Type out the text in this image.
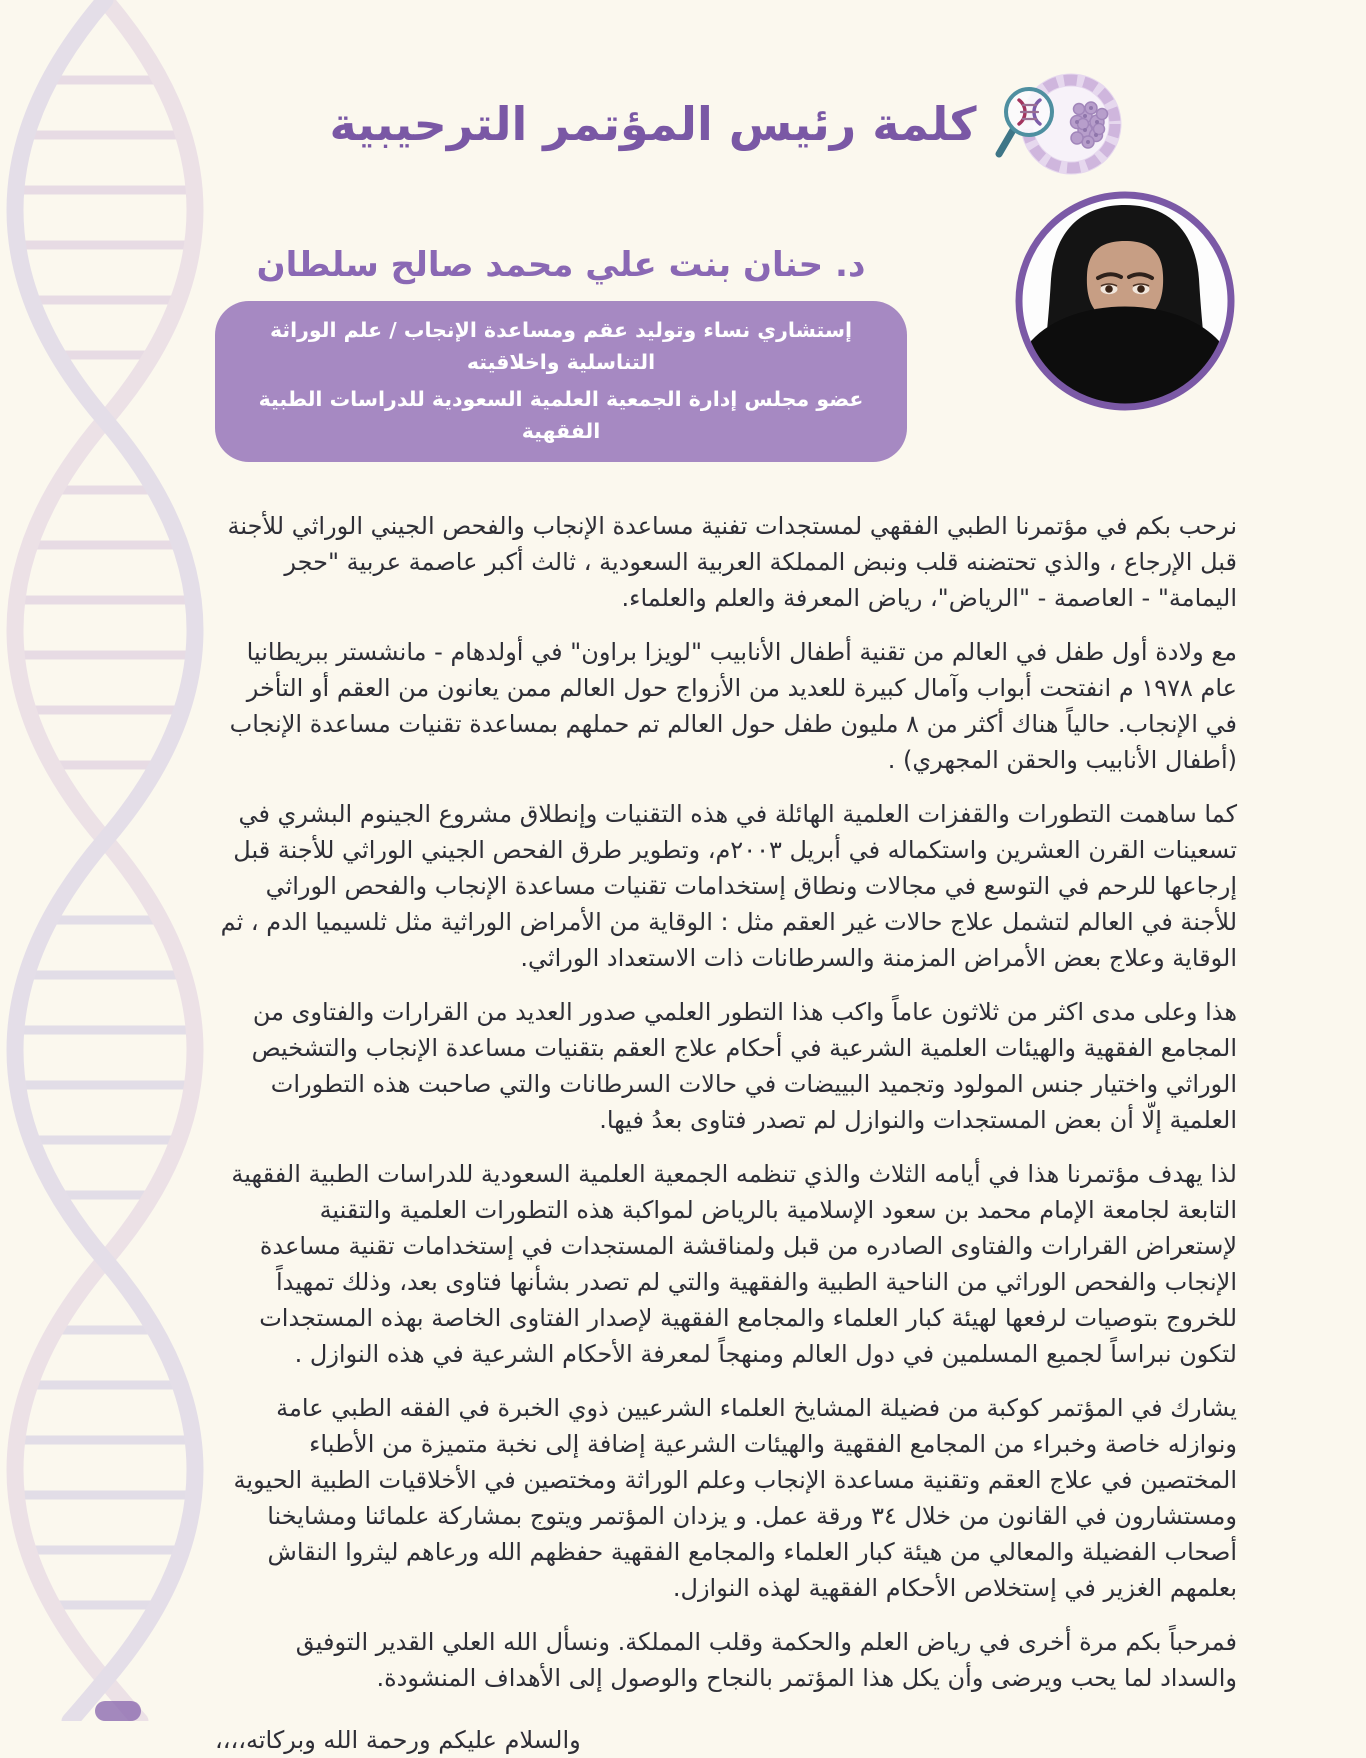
كلمة رئيس المؤتمر الترحيبية
د. حنان بنت علي محمد صالح سلطان
إستشاري نساء وتوليد عقم ومساعدة الإنجاب / علم الوراثة التناسلية واخلاقيته
عضو مجلس إدارة الجمعية العلمية السعودية للدراسات الطبية الفقهية

نرحب بكم في مؤتمرنا الطبي الفقهي لمستجدات تفنية مساعدة الإنجاب والفحص الجيني الوراثي للأجنة قبل الإرجاع ، والذي تحتضنه قلب ونبض المملكة العربية السعودية ، ثالث أكبر عاصمة عربية "حجر اليمامة" - العاصمة - "الرياض"، رياض المعرفة والعلم والعلماء.

مع ولادة أول طفل في العالم من تقنية أطفال الأنابيب "لويزا براون" في أولدهام - مانشستر ببريطانيا عام ١٩٧٨ م انفتحت أبواب وآمال كبيرة للعديد من الأزواج حول العالم ممن يعانون من العقم أو التأخر في الإنجاب. حالياً هناك أكثر من ٨ مليون طفل حول العالم تم حملهم بمساعدة تقنيات مساعدة الإنجاب (أطفال الأنابيب والحقن المجهري) .

كما ساهمت التطورات والقفزات العلمية الهائلة في هذه التقنيات وإنطلاق مشروع الجينوم البشري في تسعينات القرن العشرين واستكماله في أبريل ٢٠٠٣م، وتطوير طرق الفحص الجيني الوراثي للأجنة قبل إرجاعها للرحم في التوسع في مجالات ونطاق إستخدامات تقنيات مساعدة الإنجاب والفحص الوراثي للأجنة في العالم لتشمل علاج حالات غير العقم مثل : الوقاية من الأمراض الوراثية مثل ثلسيميا الدم ، ثم الوقاية وعلاج بعض الأمراض المزمنة والسرطانات ذات الاستعداد الوراثي.

هذا وعلى مدى اكثر من ثلاثون عاماً واكب هذا التطور العلمي صدور العديد من القرارات والفتاوى من المجامع الفقهية والهيئات العلمية الشرعية في أحكام علاج العقم بتقنيات مساعدة الإنجاب والتشخيص الوراثي واختيار جنس المولود وتجميد البييضات في حالات السرطانات والتي صاحبت هذه التطورات العلمية إلّا أن بعض المستجدات والنوازل لم تصدر فتاوى بعدُ فيها.

لذا يهدف مؤتمرنا هذا في أيامه الثلاث والذي تنظمه الجمعية العلمية السعودية للدراسات الطبية الفقهية التابعة لجامعة الإمام محمد بن سعود الإسلامية بالرياض لمواكبة هذه التطورات العلمية والتقنية لإستعراض القرارات والفتاوى الصادره من قبل ولمناقشة المستجدات في إستخدامات تقنية مساعدة الإنجاب والفحص الوراثي من الناحية الطبية والفقهية والتي لم تصدر بشأنها فتاوى بعد، وذلك تمهيداً للخروج بتوصيات لرفعها لهيئة كبار العلماء والمجامع الفقهية لإصدار الفتاوى الخاصة بهذه المستجدات لتكون نبراساً لجميع المسلمين في دول العالم ومنهجاً لمعرفة الأحكام الشرعية في هذه النوازل .

يشارك في المؤتمر كوكبة من فضيلة المشايخ العلماء الشرعيين ذوي الخبرة في الفقه الطبي عامة ونوازله خاصة وخبراء من المجامع الفقهية والهيئات الشرعية إضافة إلى نخبة متميزة من الأطباء المختصين في علاج العقم وتقنية مساعدة الإنجاب وعلم الوراثة ومختصين في الأخلاقيات الطبية الحيوية ومستشارون في القانون من خلال ٣٤ ورقة عمل. و يزدان المؤتمر ويتوج بمشاركة علمائنا ومشايخنا أصحاب الفضيلة والمعالي من هيئة كبار العلماء والمجامع الفقهية حفظهم الله ورعاهم ليثروا النقاش بعلمهم الغزير في إستخلاص الأحكام الفقهية لهذه النوازل.

فمرحباً بكم مرة أخرى في رياض العلم والحكمة وقلب المملكة. ونسأل الله العلي القدير التوفيق والسداد لما يحب ويرضى وأن يكل هذا المؤتمر بالنجاح والوصول إلى الأهداف المنشودة.

والسلام عليكم ورحمة الله وبركاته،،،،
